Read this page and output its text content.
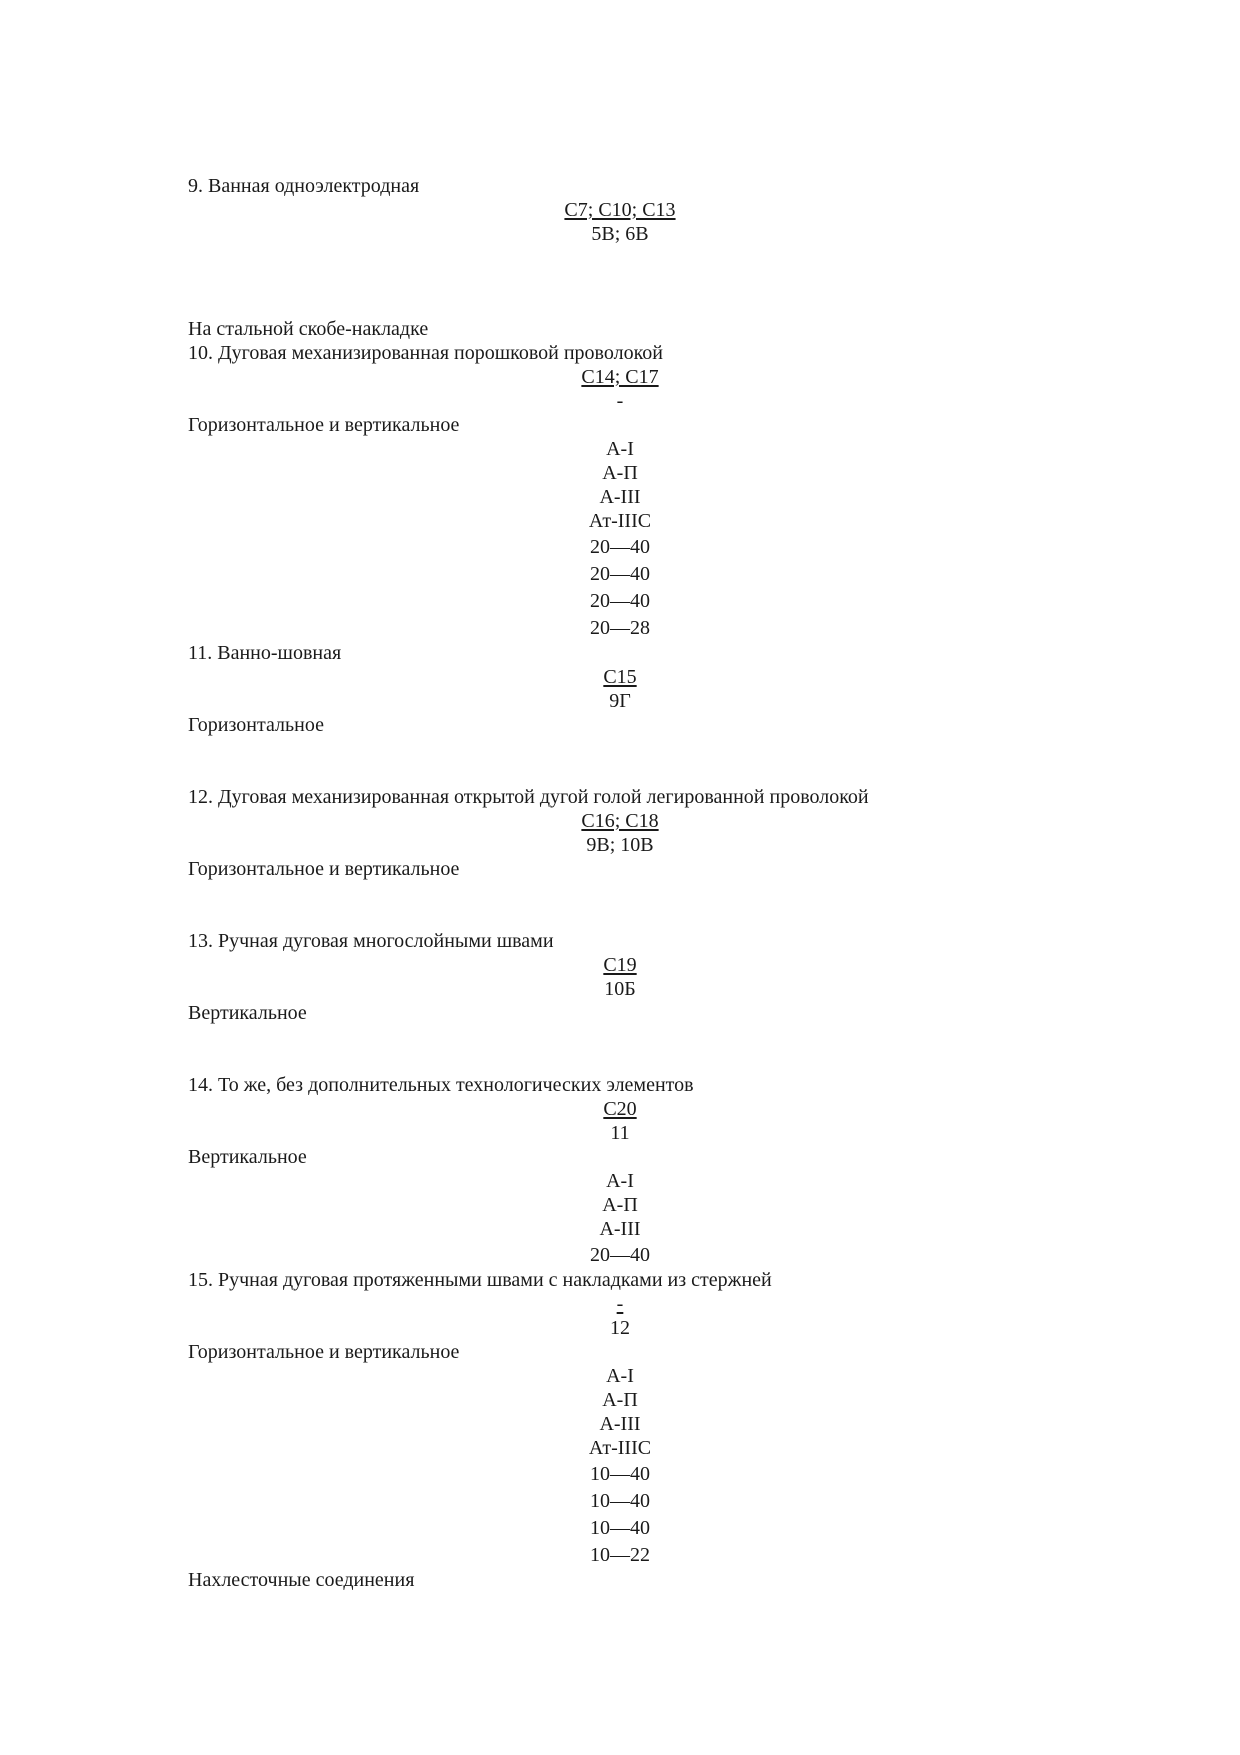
9. Ванная одноэлектродная
С7; С10; С13
5В; 6В
На стальной скобе-накладке
10. Дуговая механизированная порошковой проволокой
С14; С17
-
Горизонтальное и вертикальное
А-I
А-П
А-III
Ат-IIIС
20—40
20—40
20—40
20—28
11. Ванно-шовная
С15
9Г
Горизонтальное
12. Дуговая механизированная открытой дугой голой легированной проволокой
С16; С18
9В; 10В
Горизонтальное и вертикальное
13. Ручная дуговая многослойными швами
С19
10Б
Вертикальное
14. То же, без дополнительных технологических элементов
С20
11
Вертикальное
А-I
А-П
А-III
20—40
15. Ручная дуговая протяженными швами с накладками из стержней
-
12
Горизонтальное и вертикальное
А-I
А-П
А-III
Ат-IIIС
10—40
10—40
10—40
10—22
Нахлесточные соединения
